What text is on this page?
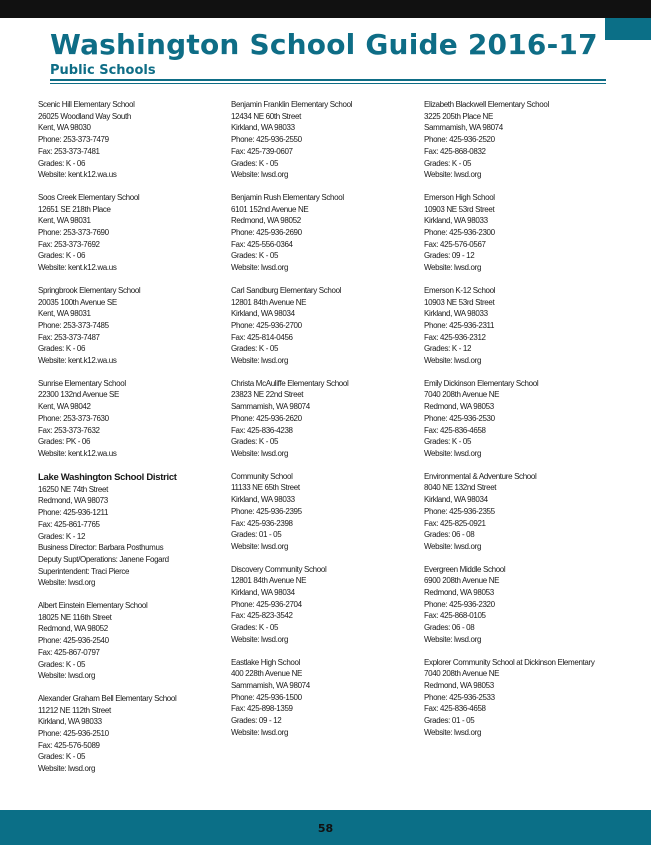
Washington School Guide 2016-17
Public Schools
Scenic Hill Elementary School
26025 Woodland Way South
Kent, WA 98030
Phone: 253-373-7479
Fax: 253-373-7481
Grades: K - 06
Website: kent.k12.wa.us
Soos Creek Elementary School
12651 SE 218th Place
Kent, WA 98031
Phone: 253-373-7690
Fax: 253-373-7692
Grades: K - 06
Website: kent.k12.wa.us
Springbrook Elementary School
20035 100th Avenue SE
Kent, WA 98031
Phone: 253-373-7485
Fax: 253-373-7487
Grades: K - 06
Website: kent.k12.wa.us
Sunrise Elementary School
22300 132nd Avenue SE
Kent, WA 98042
Phone: 253-373-7630
Fax: 253-373-7632
Grades: PK - 06
Website: kent.k12.wa.us
Lake Washington School District
16250 NE 74th Street
Redmond, WA 98073
Phone: 425-936-1211
Fax: 425-861-7765
Grades: K - 12
Business Director: Barbara Posthumus
Deputy Supt/Operations: Janene Fogard
Superintendent: Traci Pierce
Website: lwsd.org
Albert Einstein Elementary School
18025 NE 116th Street
Redmond, WA 98052
Phone: 425-936-2540
Fax: 425-867-0797
Grades: K - 05
Website: lwsd.org
Alexander Graham Bell Elementary School
11212 NE 112th Street
Kirkland, WA 98033
Phone: 425-936-2510
Fax: 425-576-5089
Grades: K - 05
Website: lwsd.org
Benjamin Franklin Elementary School
12434 NE 60th Street
Kirkland, WA 98033
Phone: 425-936-2550
Fax: 425-739-0607
Grades: K - 05
Website: lwsd.org
Benjamin Rush Elementary School
6101 152nd Avenue NE
Redmond, WA 98052
Phone: 425-936-2690
Fax: 425-556-0364
Grades: K - 05
Website: lwsd.org
Carl Sandburg Elementary School
12801 84th Avenue NE
Kirkland, WA 98034
Phone: 425-936-2700
Fax: 425-814-0456
Grades: K - 05
Website: lwsd.org
Christa McAuliffe Elementary School
23823 NE 22nd Street
Sammamish, WA 98074
Phone: 425-936-2620
Fax: 425-836-4238
Grades: K - 05
Website: lwsd.org
Community School
11133 NE 65th Street
Kirkland, WA 98033
Phone: 425-936-2395
Fax: 425-936-2398
Grades: 01 - 05
Website: lwsd.org
Discovery Community School
12801 84th Avenue NE
Kirkland, WA 98034
Phone: 425-936-2704
Fax: 425-823-3542
Grades: K - 05
Website: lwsd.org
Eastlake High School
400 228th Avenue NE
Sammamish, WA 98074
Phone: 425-936-1500
Fax: 425-898-1359
Grades: 09 - 12
Website: lwsd.org
Elizabeth Blackwell Elementary School
3225 205th Place NE
Sammamish, WA 98074
Phone: 425-936-2520
Fax: 425-868-0832
Grades: K - 05
Website: lwsd.org
Emerson High School
10903 NE 53rd Street
Kirkland, WA 98033
Phone: 425-936-2300
Fax: 425-576-0567
Grades: 09 - 12
Website: lwsd.org
Emerson K-12 School
10903 NE 53rd Street
Kirkland, WA 98033
Phone: 425-936-2311
Fax: 425-936-2312
Grades: K - 12
Website: lwsd.org
Emily Dickinson Elementary School
7040 208th Avenue NE
Redmond, WA 98053
Phone: 425-936-2530
Fax: 425-836-4658
Grades: K - 05
Website: lwsd.org
Environmental & Adventure School
8040 NE 132nd Street
Kirkland, WA 98034
Phone: 425-936-2355
Fax: 425-825-0921
Grades: 06 - 08
Website: lwsd.org
Evergreen Middle School
6900 208th Avenue NE
Redmond, WA 98053
Phone: 425-936-2320
Fax: 425-868-0105
Grades: 06 - 08
Website: lwsd.org
Explorer Community School at Dickinson Elementary
7040 208th Avenue NE
Redmond, WA 98053
Phone: 425-936-2533
Fax: 425-836-4658
Grades: 01 - 05
Website: lwsd.org
58
